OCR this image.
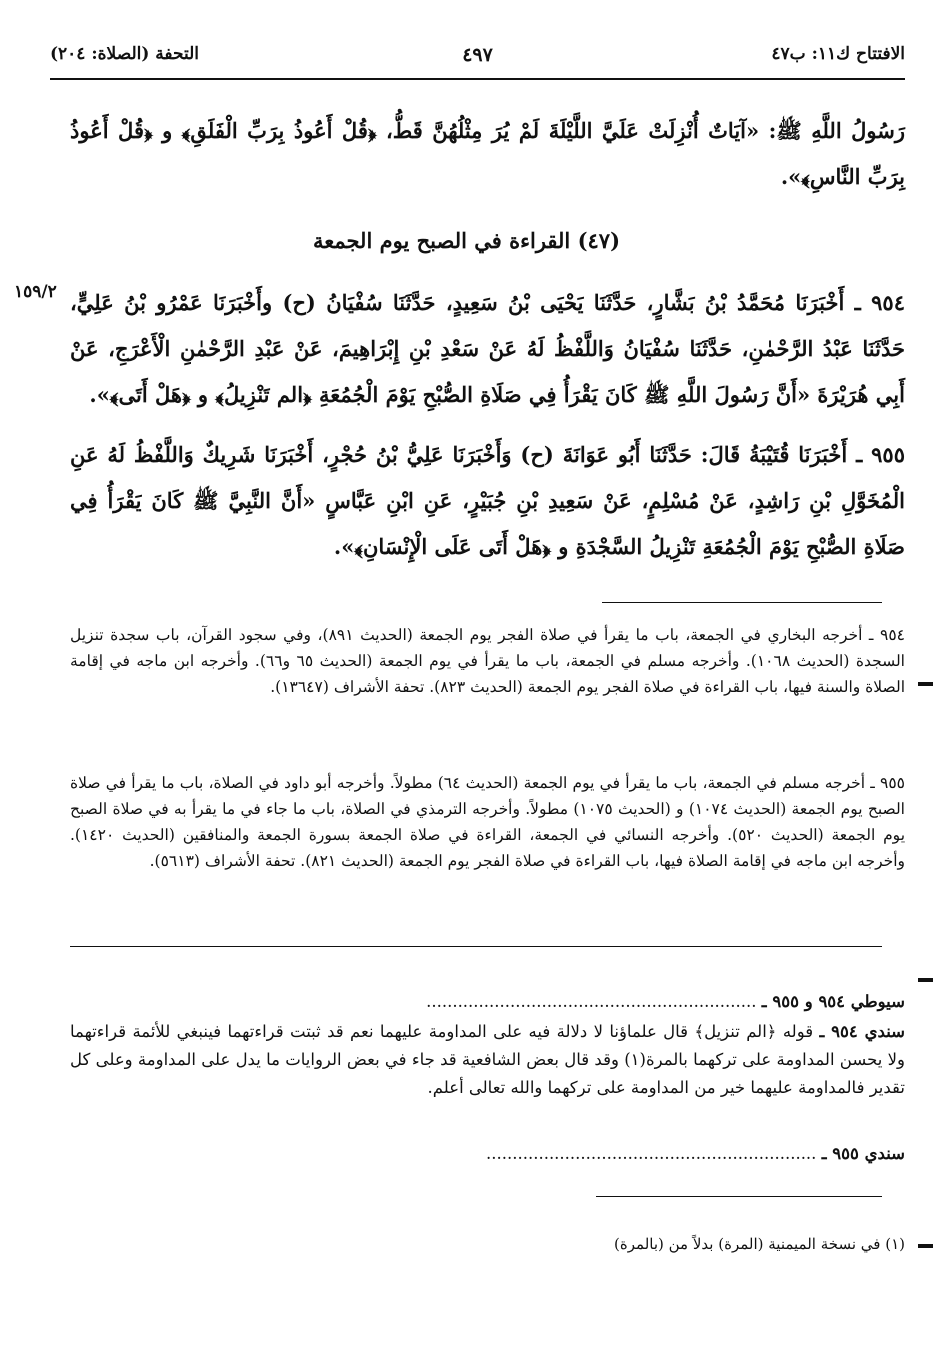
الافتتاح ك١١: ب٤٧
٤٩٧
التحفة (الصلاة: ٢٠٤)
رَسُولُ اللَّهِ ﷺ: «آيَاتٌ أُنْزِلَتْ عَلَيَّ اللَّيْلَةَ لَمْ يُرَ مِثْلُهُنَّ قَطُّ، ﴿قُلْ أَعُوذُ بِرَبِّ الْفَلَقِ﴾ و ﴿قُلْ أَعُوذُ بِرَبِّ النَّاسِ﴾».
(٤٧) القراءة في الصبح يوم الجمعة
١٥٩/٢ ٩٥٤ ـ أَخْبَرَنَا مُحَمَّدُ بْنُ بَشَّارٍ، حَدَّثَنَا يَحْيَى بْنُ سَعِيدٍ، حَدَّثَنَا سُفْيَانُ (ح) وأَخْبَرَنَا عَمْرُو بْنُ عَلِيٍّ، حَدَّثَنَا عَبْدُ الرَّحْمٰنِ، حَدَّثَنَا سُفْيَانُ وَاللَّفْظُ لَهُ عَنْ سَعْدِ بْنِ إِبْرَاهِيمَ، عَنْ عَبْدِ الرَّحْمٰنِ الْأَعْرَجِ، عَنْ أَبِي هُرَيْرَةَ «أَنَّ رَسُولَ اللَّهِ ﷺ كَانَ يَقْرَأُ فِي صَلَاةِ الصُّبْحِ يَوْمَ الْجُمُعَةِ ﴿الم تَنْزِيلُ﴾ و ﴿هَلْ أَتَى﴾».
٩٥٥ ـ أَخْبَرَنَا قُتَيْبَةُ قَالَ: حَدَّثَنَا أَبُو عَوَانَةَ (ح) وَأَخْبَرَنَا عَلِيُّ بْنُ حُجْرٍ، أَخْبَرَنَا شَرِيكٌ وَاللَّفْظُ لَهُ عَنِ الْمُخَوَّلِ بْنِ رَاشِدٍ، عَنْ مُسْلِمٍ، عَنْ سَعِيدِ بْنِ جُبَيْرٍ، عَنِ ابْنِ عَبَّاسٍ «أَنَّ النَّبِيَّ ﷺ كَانَ يَقْرَأُ فِي صَلَاةِ الصُّبْحِ يَوْمَ الْجُمُعَةِ تَنْزِيلُ السَّجْدَةِ و ﴿هَلْ أَتَى عَلَى الْإِنْسَانِ﴾».
٩٥٤ ـ أخرجه البخاري في الجمعة، باب ما يقرأ في صلاة الفجر يوم الجمعة (الحديث ٨٩١)، وفي سجود القرآن، باب سجدة تنزيل السجدة (الحديث ١٠٦٨). وأخرجه مسلم في الجمعة، باب ما يقرأ في يوم الجمعة (الحديث ٦٥ و٦٦). وأخرجه ابن ماجه في إقامة الصلاة والسنة فيها، باب القراءة في صلاة الفجر يوم الجمعة (الحديث ٨٢٣). تحفة الأشراف (١٣٦٤٧).
٩٥٥ ـ أخرجه مسلم في الجمعة، باب ما يقرأ في يوم الجمعة (الحديث ٦٤) مطولاً. وأخرجه أبو داود في الصلاة، باب ما يقرأ في صلاة الصبح يوم الجمعة (الحديث ١٠٧٤) و (الحديث ١٠٧٥) مطولاً. وأخرجه الترمذي في الصلاة، باب ما جاء في ما يقرأ به في صلاة الصبح يوم الجمعة (الحديث ٥٢٠). وأخرجه النسائي في الجمعة، القراءة في صلاة الجمعة بسورة الجمعة والمنافقين (الحديث ١٤٢٠). وأخرجه ابن ماجه في إقامة الصلاة فيها، باب القراءة في صلاة الفجر يوم الجمعة (الحديث ٨٢١). تحفة الأشراف (٥٦١٣).
سيوطي ٩٥٤ و ٩٥٥ ـ ...............................................................
سندي ٩٥٤ ـ قوله ﴿الم تنزيل﴾ قال علماؤنا لا دلالة فيه على المداومة عليهما نعم قد ثبتت قراءتهما فينبغي للأئمة قراءتهما ولا يحسن المداومة على تركهما بالمرة(١) وقد قال بعض الشافعية قد جاء في بعض الروايات ما يدل على المداومة وعلى كل تقدير فالمداومة عليهما خير من المداومة على تركهما والله تعالى أعلم.
سندي ٩٥٥ ـ ...............................................................
(١) في نسخة الميمنية (المرة) بدلاً من (بالمرة)
